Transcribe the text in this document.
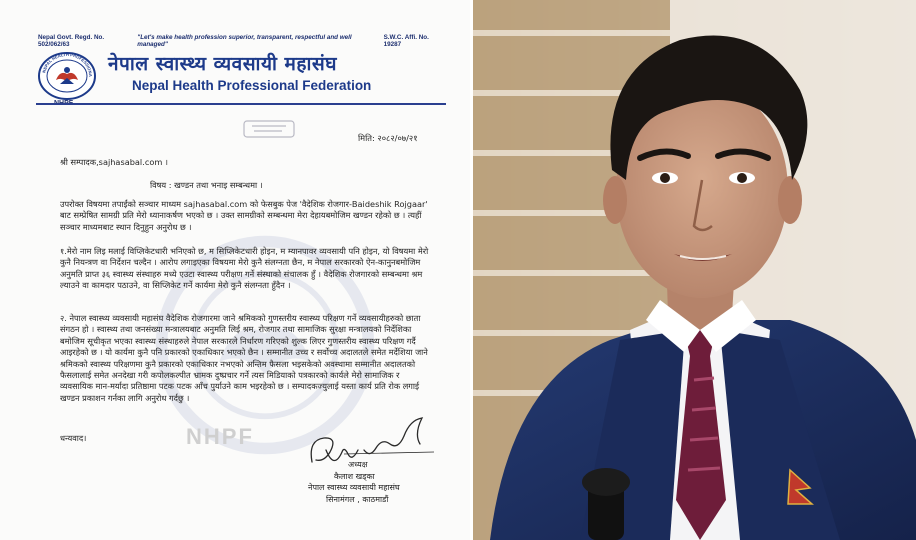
Nepal Govt. Regd. No. 502/062/63
"Let's make health profession superior, transparent, respectful and well managed"
S.W.C. Affi. No. 19287
NEPAL HEALTH PROFESSIONA
NHPF
नेपाल स्वास्थ्य व्यवसायी महासंघ
Nepal Health Professional Federation
मिति: २०८२/०७/२१
NHPF
श्री सम्पादक,sajhasabal.com ।
विषय : खण्डन तथा भनाइ सम्बन्धमा ।
उपरोक्त विषयमा तपाईंको सञ्चार माध्यम sajhasabal.com को फेसबुक पेज 'वैदेशिक रोजगार-Baideshik Rojgaar' बाट सम्प्रेषित सामग्री प्रति मेरो ध्यानाकर्षण भएको छ । उक्त सामग्रीको सम्बन्धमा मेरा देहायबमोजिम खण्डन रहेको छ । त्यहीं सञ्चार माध्यमबाट स्थान दिनुहुन अनुरोध छ ।
१.मेरो नाम लिइ मलाई विप्लिकेटधारी भनिएको छ, म सिप्लिकेटधारी होइन, म म्यानपावर व्यवसायी पनि होइन, यो विषयमा मेरो कुनै नियन्त्रण वा निर्देशन चल्दैन । आरोप लगाइएका विषयमा मेरो कुनै संलग्नता छैन, म नेपाल सरकारको ऐन-कानुनबमोजिम अनुमति प्राप्त ३६ स्वास्थ्य संस्थाहरु मध्ये एउटा स्वास्थ्य परीक्षण गर्ने संस्थाको संचालक हुँ । वैदेशिक रोजगारको सम्बन्धमा श्रम ल्याउने वा कामदार पठाउने, वा सिप्लिकेट गर्ने कार्यमा मेरो कुनै संलग्नता हुँदैन ।
२. नेपाल स्वास्थ्य व्यवसायी महासंघ वैदेशिक रोजगारमा जाने श्रमिकको गुणस्तरीय स्वास्थ्य परिक्षण गर्ने व्यवसायीहरुको छाता संगठन हो । स्वास्थ्य तथा जनसंख्या मन्त्रालयबाट अनुमति लिई श्रम, रोजगार तथा सामाजिक सुरक्षा मन्त्रालयको निर्देशिका बमोजिम सूचीकृत भएका स्वास्थ्य संस्थाहरुले नेपाल सरकारले निर्धारण गरिएको शुल्क लिएर गुणस्तरीय स्वास्थ्य परिक्षण गर्दै आइरहेको छ । यो कार्यमा कुनै पनि प्रकारको एकाधिकार भएको छैन । सम्मानीत उच्च र सर्वोच्च अदालतले समेत मर्देशिया जाने श्रमिकको स्वास्थ्य परिक्षणमा कुनै प्रकारको एकाधिकार नभएको अन्तिम फैसला भइसकेको अवस्थामा सम्मानीत अदालतको फैसलालाई समेत अनदेखा गरी कपोलकल्पीत भ्रामक दुष्प्रचार गर्ने त्यस मिडियाको पत्रकारको कार्यले मेरो सामाजिक र व्यवसायिक मान-मर्यादा प्रतिष्ठामा पटक पटक आँच पुर्याउने काम भइरहेको छ । सम्पादकज्युलाई यस्ता कार्य प्रति रोक लगाई खण्डन प्रकाशन गर्नका लागि अनुरोध गर्दछु ।
धन्यवाद।
अध्यक्ष
कैलाश खड्का
नेपाल स्वास्थ्य व्यवसायी महासंघ
सिनामंगल , काठमाडौं
